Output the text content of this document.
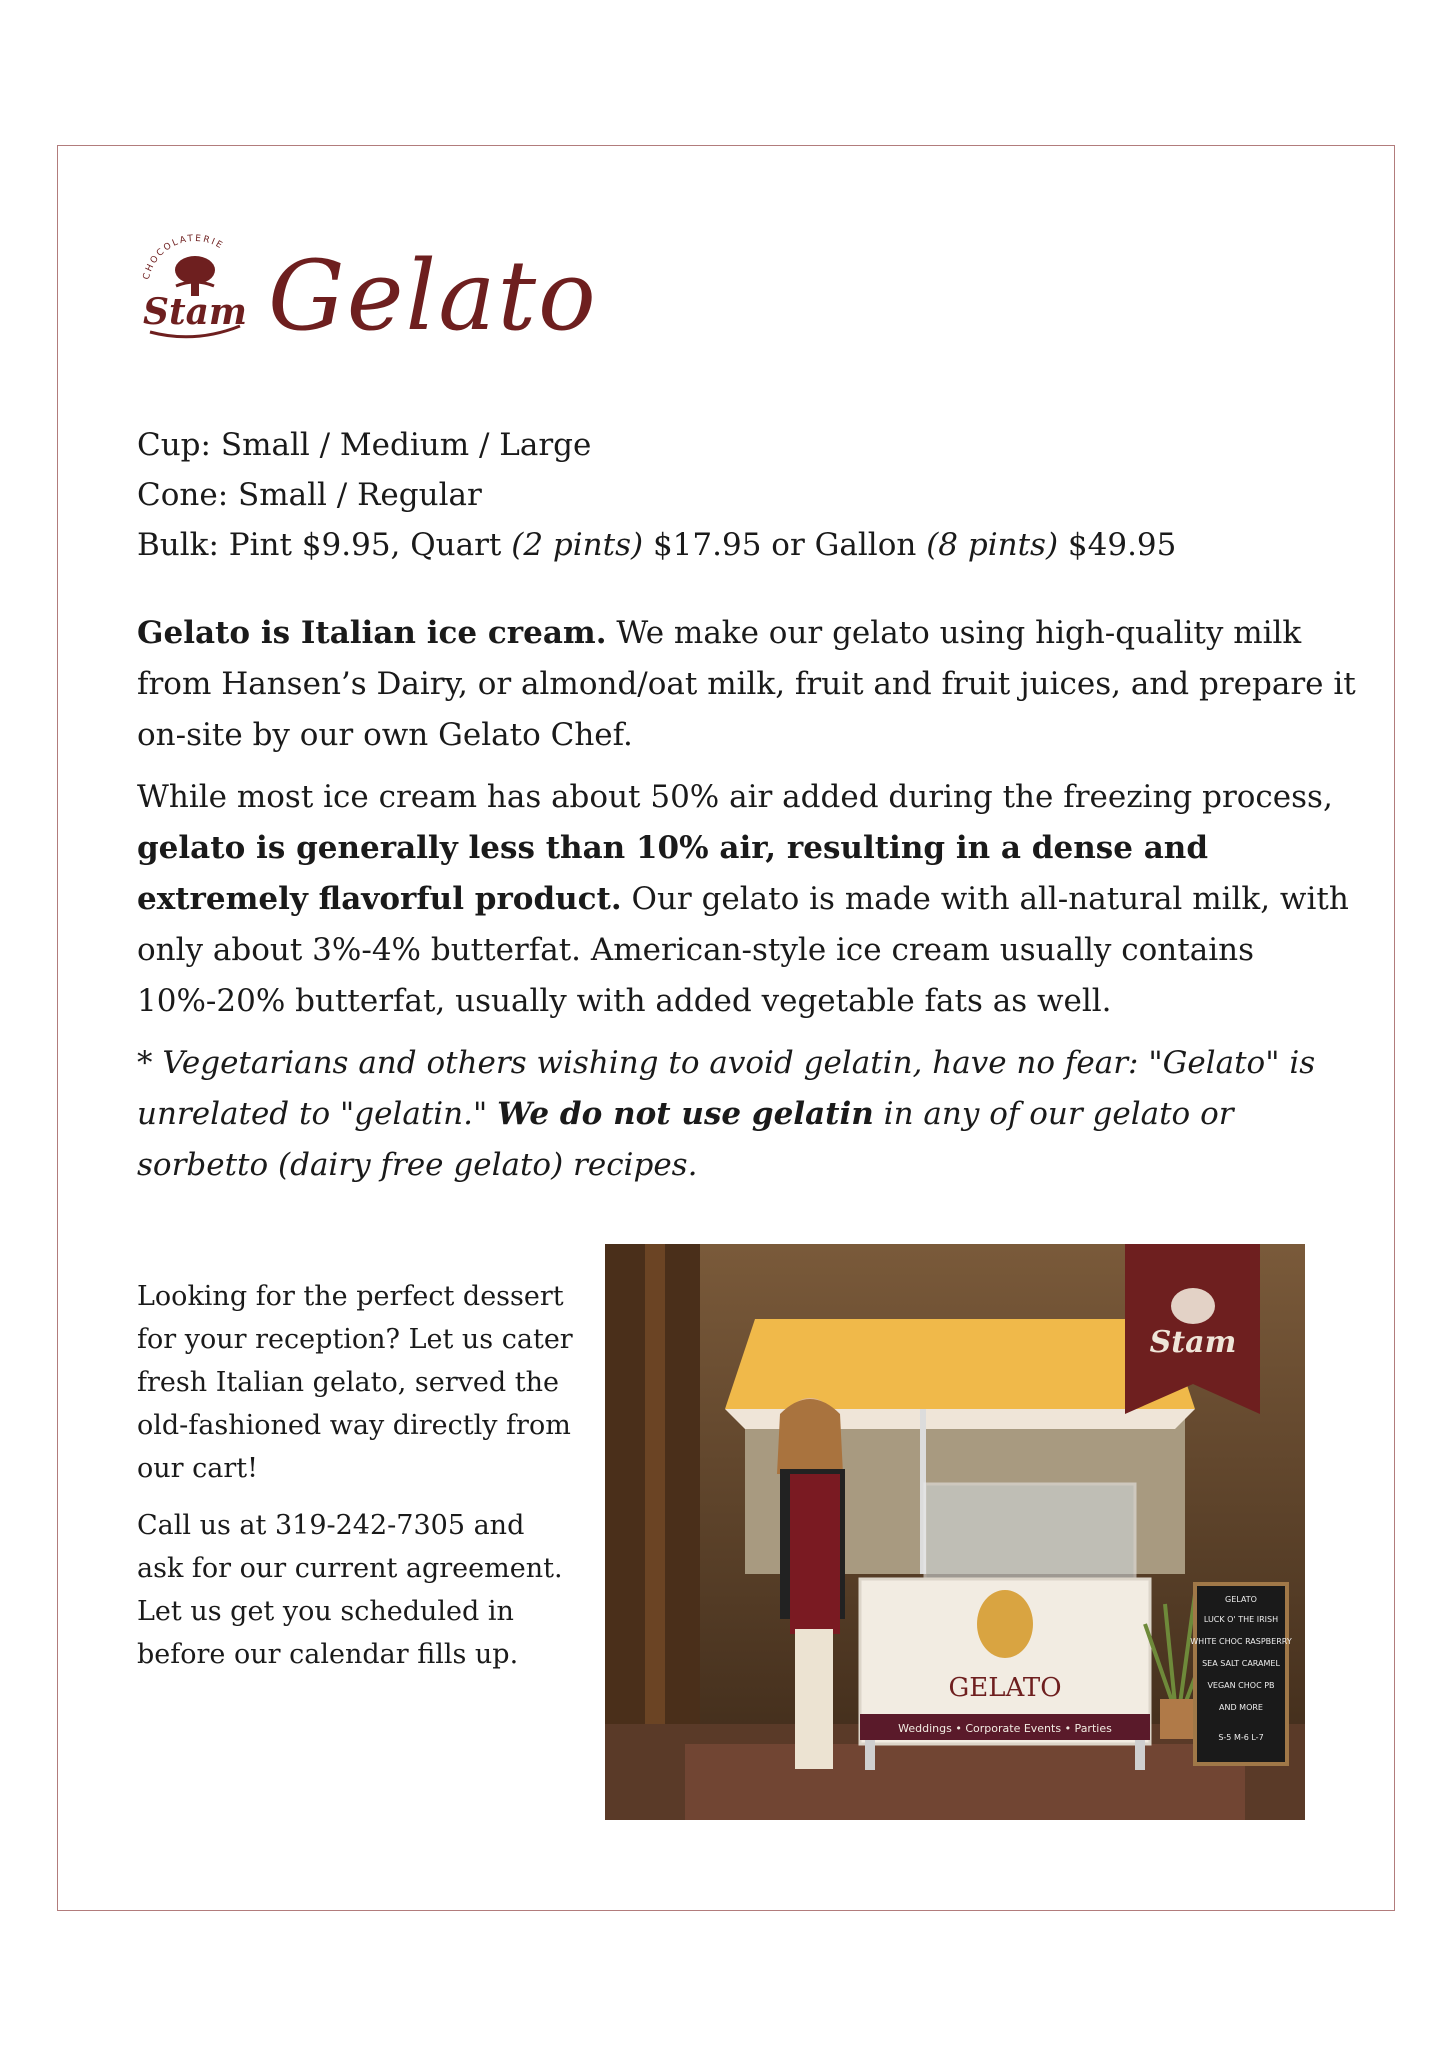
CHOCOLATERIE
Stam Gelato

Cup: Small / Medium / Large

Cone: Small / Regular

Bulk: Pint $9.95, Quart (2 pints) $17.95 or Gallon (8 pints) $49.95

Gelato is Italian ice cream. We make our gelato using high-quality milk from Hansen’s Dairy, or almond/oat milk, fruit and fruit juices, and prepare it on-site by our own Gelato Chef.

While most ice cream has about 50% air added during the freezing process, gelato is generally less than 10% air, resulting in a dense and extremely flavorful product. Our gelato is made with all-natural milk, with only about 3%-4% butterfat. American-style ice cream usually contains 10%-20% butterfat, usually with added vegetable fats as well.

* Vegetarians and others wishing to avoid gelatin, have no fear: "Gelato" is unrelated to "gelatin." We do not use gelatin in any of our gelato or sorbetto (dairy free gelato) recipes.

Looking for the perfect dessert for your reception? Let us cater fresh Italian gelato, served the old-fashioned way directly from our cart!

Call us at 319-242-7305 and ask for our current agreement. Let us get you scheduled in before our calendar fills up.

Weddings • Corporate Events • Parties
GELATO
GELATO
LUCK O' THE IRISH
WHITE CHOC RASPBERRY
SEA SALT CARAMEL
VEGAN CHOC PB
AND MORE
S-5 M-6 L-7
Stam
